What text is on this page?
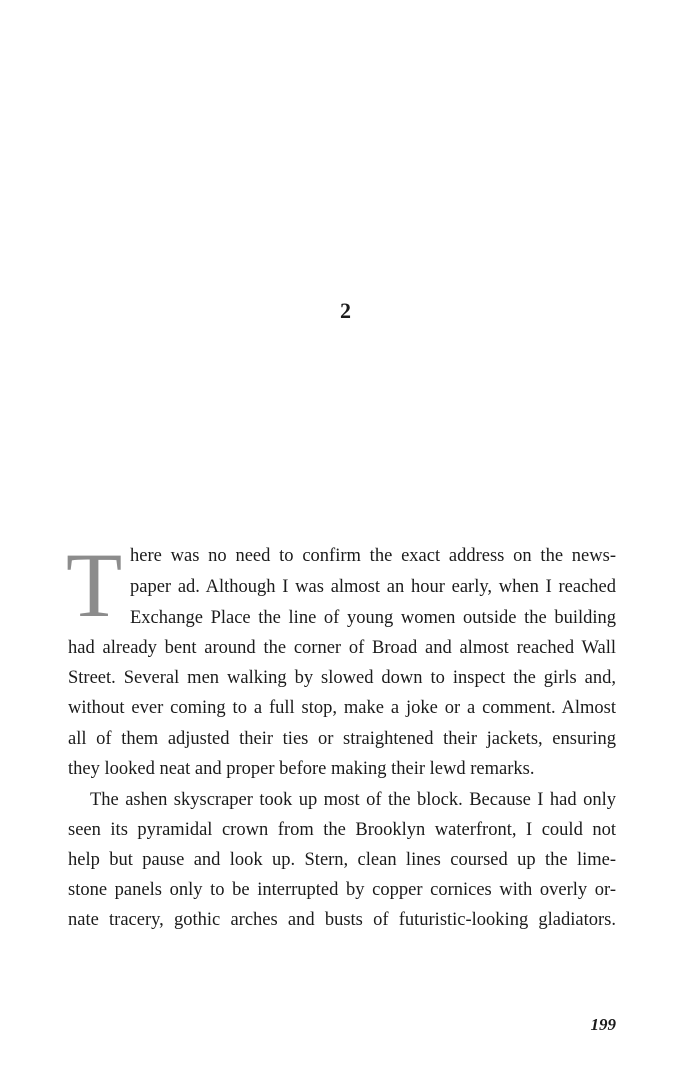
2
T here was no need to confirm the exact address on the news-
paper ad. Although I was almost an hour early, when I reached
Exchange Place the line of young women outside the building
had already bent around the corner of Broad and almost reached Wall
Street. Several men walking by slowed down to inspect the girls and,
without ever coming to a full stop, make a joke or a comment. Almost
all of them adjusted their ties or straightened their jackets, ensuring
they looked neat and proper before making their lewd remarks.
The ashen skyscraper took up most of the block. Because I had only
seen its pyramidal crown from the Brooklyn waterfront, I could not
help but pause and look up. Stern, clean lines coursed up the lime-
stone panels only to be interrupted by copper cornices with overly or-
nate tracery, gothic arches and busts of futuristic-looking gladiators.
199
